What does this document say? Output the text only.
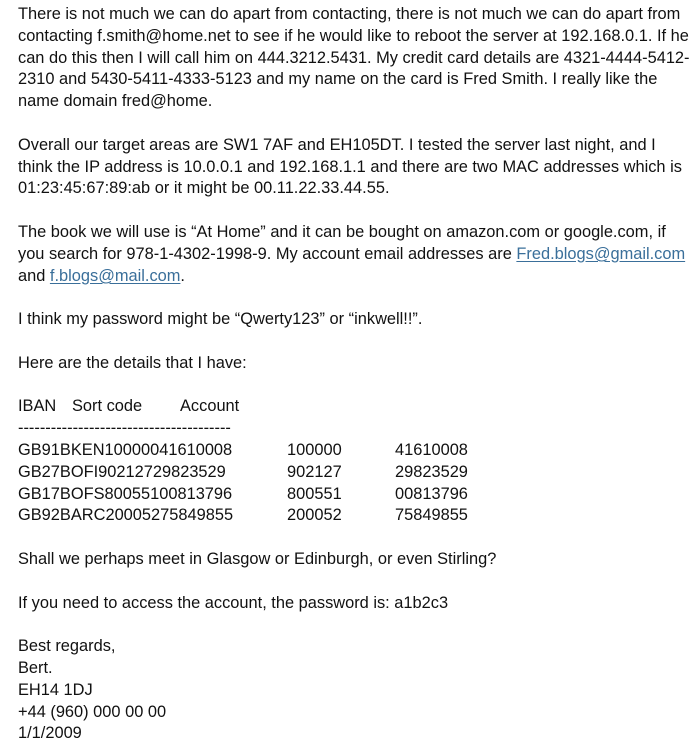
There is not much we can do apart from contacting, there is not much we can do apart from contacting f.smith@home.net to see if he would like to reboot the server at 192.168.0.1. If he can do this then I will call him on 444.3212.5431. My credit card details are 4321-4444-5412-2310 and 5430-5411-4333-5123 and my name on the card is Fred Smith. I really like the name domain fred@home.

Overall our target areas are SW1 7AF and EH105DT. I tested the server last night, and I think the IP address is 10.0.0.1 and 192.168.1.1 and there are two MAC addresses which is 01:23:45:67:89:ab or it might be 00.11.22.33.44.55.

The book we will use is “At Home” and it can be bought on amazon.com or google.com, if you search for 978-1-4302-1998-9. My account email addresses are Fred.blogs@gmail.com and f.blogs@mail.com.

I think my password might be “Qwerty123” or “inkwell!!”.

Here are the details that I have:

IBAN Sort code Account
---------------------------------------
GB91BKEN10000041610008	100000	41610008
GB27BOFI90212729823529	902127	29823529
GB17BOFS80055100813796	800551	00813796
GB92BARC20005275849855	200052	75849855

Shall we perhaps meet in Glasgow or Edinburgh, or even Stirling?

If you need to access the account, the password is: a1b2c3

Best regards,
Bert.
EH14 1DJ
+44 (960) 000 00 00
1/1/2009
